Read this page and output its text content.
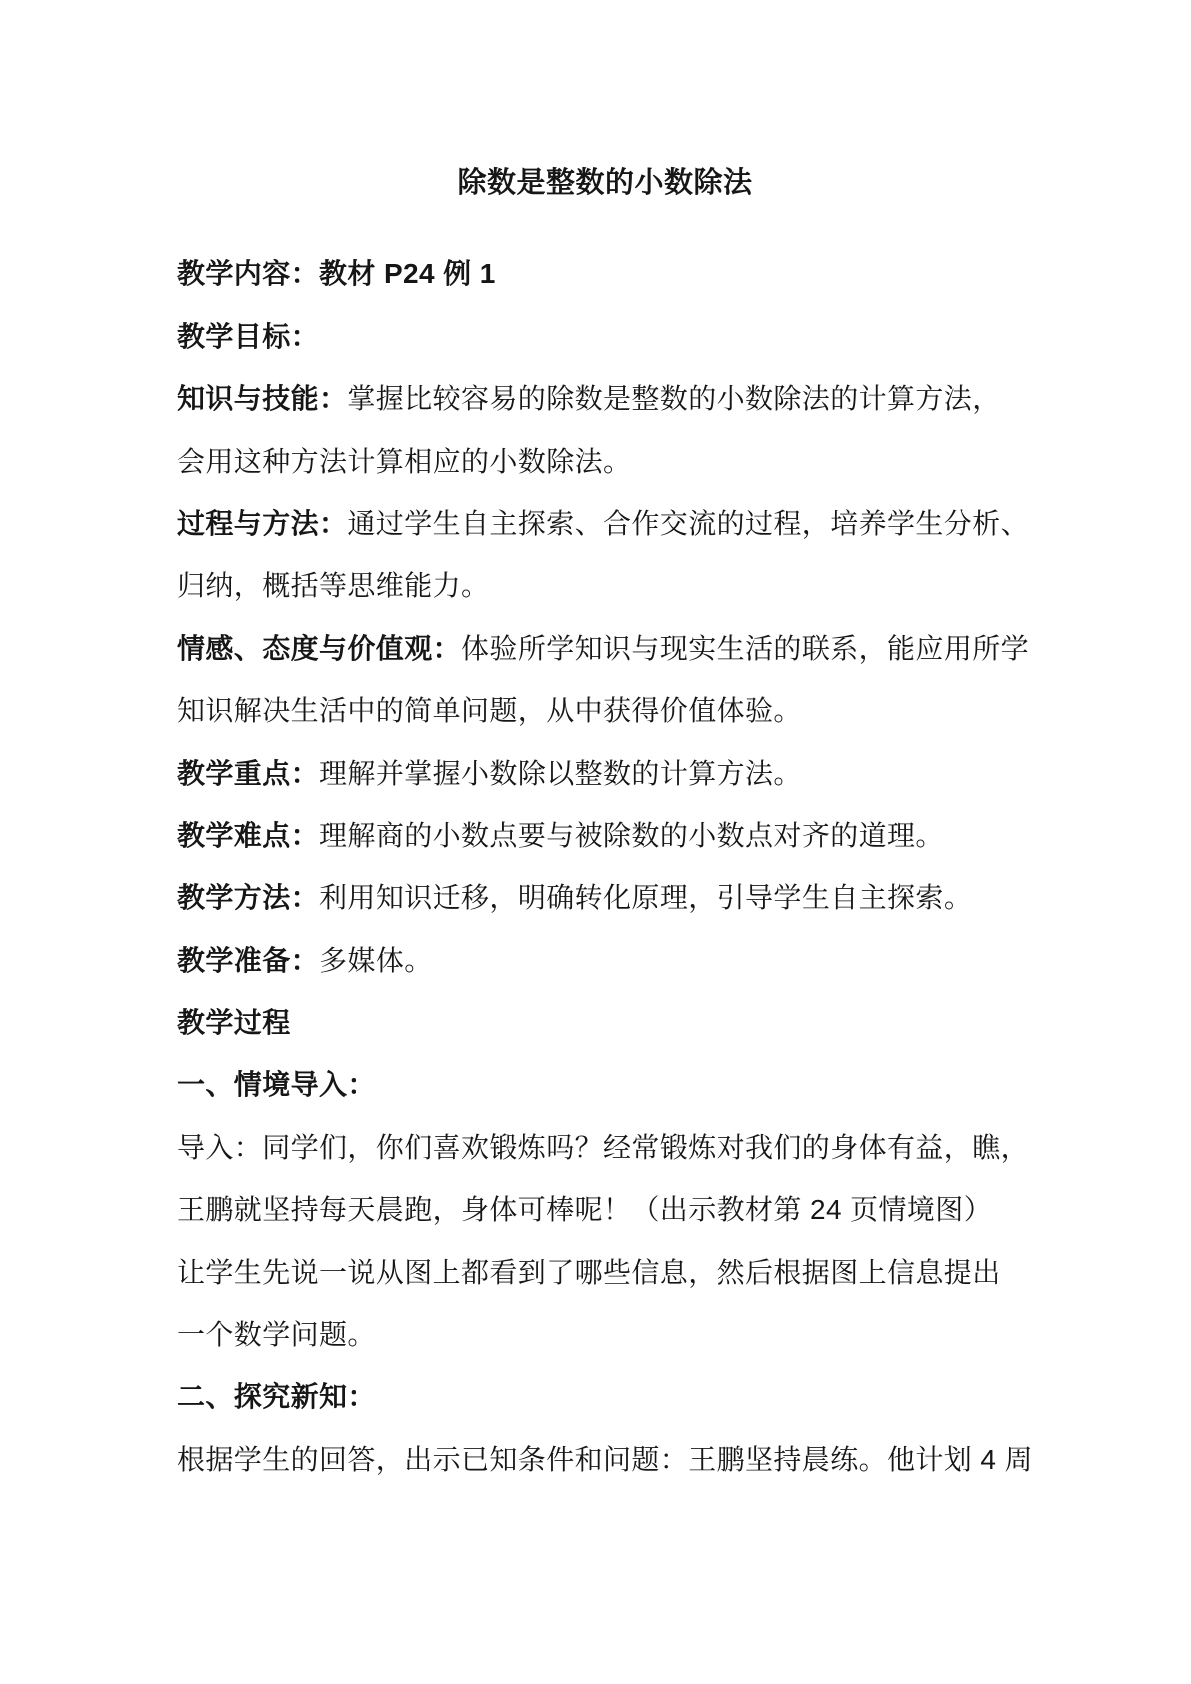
除数是整数的小数除法
教学内容：教材 P24 例 1
教学目标：
知识与技能：掌握比较容易的除数是整数的小数除法的计算方法，
会用这种方法计算相应的小数除法。
过程与方法：通过学生自主探索、合作交流的过程，培养学生分析、
归纳，概括等思维能力。
情感、态度与价值观：体验所学知识与现实生活的联系，能应用所学
知识解决生活中的简单问题，从中获得价值体验。
教学重点：理解并掌握小数除以整数的计算方法。
教学难点：理解商的小数点要与被除数的小数点对齐的道理。
教学方法：利用知识迁移，明确转化原理，引导学生自主探索。
教学准备：多媒体。
教学过程
一、情境导入：
导入：同学们，你们喜欢锻炼吗？经常锻炼对我们的身体有益，瞧，
王鹏就坚持每天晨跑，身体可棒呢！（出示教材第 24 页情境图）
让学生先说一说从图上都看到了哪些信息，然后根据图上信息提出
一个数学问题。
二、探究新知：
根据学生的回答，出示已知条件和问题：王鹏坚持晨练。他计划 4 周
